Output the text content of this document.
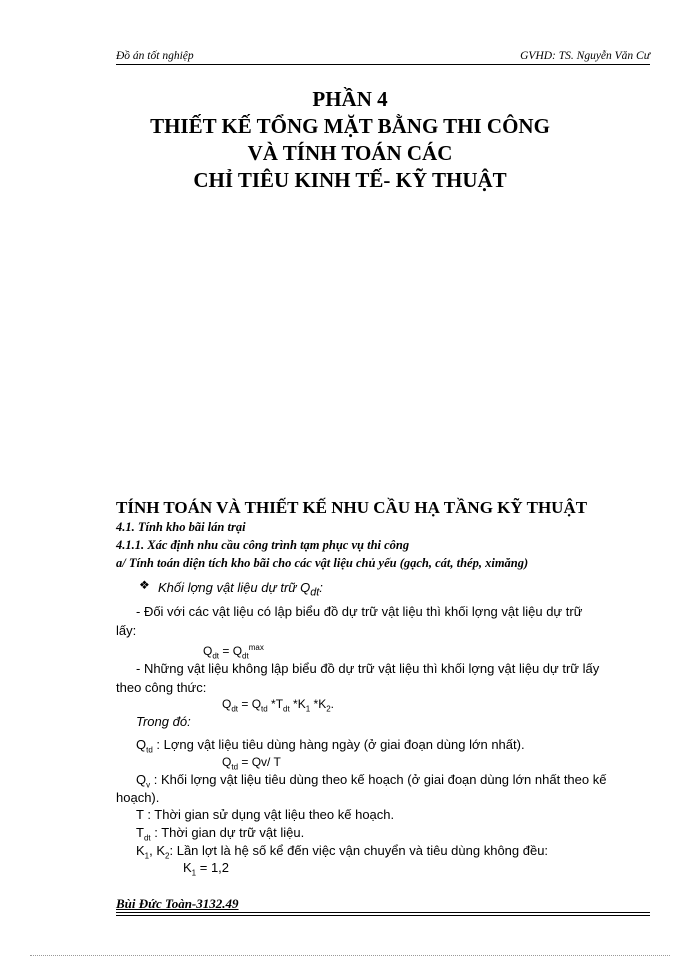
Đồ án tốt nghiệp	GVHD: TS. Nguyễn Văn Cư
PHẦN 4
THIẾT KẾ TỔNG MẶT BẰNG THI CÔNG
VÀ TÍNH TOÁN CÁC
CHỈ TIÊU KINH TẾ- KỸ THUẬT
TÍNH TOÁN VÀ THIẾT KẾ NHU CẦU HẠ TẦNG KỸ THUẬT
4.1. Tính kho bãi lán trại
4.1.1. Xác định nhu cầu công trình tạm phục vụ thi công
a/ Tính toán diện tích kho bãi cho các vật liệu chủ yếu (gạch, cát, thép, ximăng)
❖ Khối lợng vật liệu dự trữ $Q_{dt}$:
- Đối với các vật liệu có lập biểu đồ dự trữ vật liệu thì khối lợng vật liệu dự trữ
lấy:
$Q_{dt} = Q_{dt}^{max}$
- Những vật liệu không lập biểu đồ dự trữ vật liệu thì khối lợng vật liệu dự trữ lấy
theo công thức:
$Q_{dt} = Q_{td}$ $*T_{dt}$ $*K_1$ $*K_2$.
Trong đó:
$Q_{td}$ : Lợng vật liệu tiêu dùng hàng ngày (ở giai đoạn dùng lớn nhất).
$Q_{td} = Qv/$ T
$Q_v$ : Khối lợng vật liệu tiêu dùng theo kế hoạch (ở giai đoạn dùng lớn nhất theo kế
hoạch).
T : Thời gian sử dụng vật liệu theo kế hoạch.
$T_{dt}$ : Thời gian dự trữ vật liệu.
$K_1$, $K_2$: Lần lợt là hệ số kể đến việc vận chuyển và tiêu dùng không đều:
$K_1 = 1,2$
Bùi Đức Toàn-3132.49
